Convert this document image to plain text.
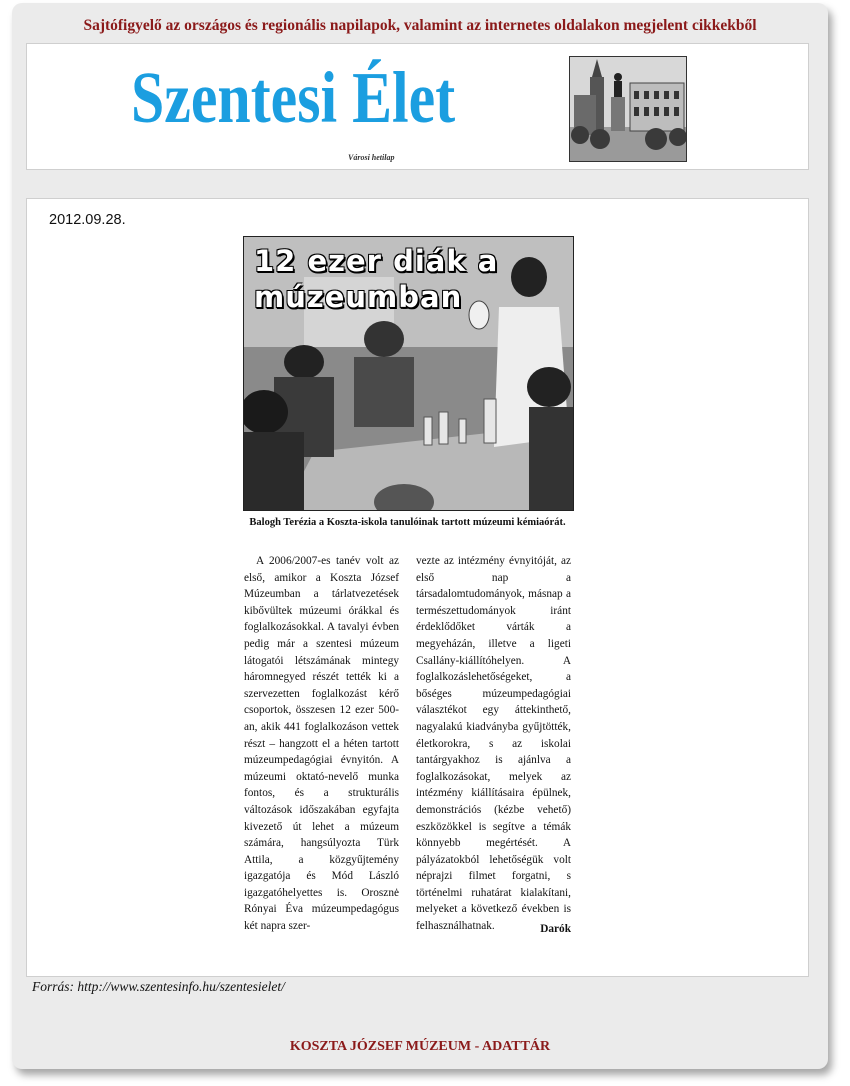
Sajtófigyelő az országos és regionális napilapok, valamint az internetes oldalakon megjelent cikkekből
Szentesi Élet
Városi hetilap
2012.09.28.
12 ezer diák a
múzeumban
Balogh Terézia a Koszta-iskola tanulóinak tartott múzeumi kémiaórát.
A 2006/2007-es tanév volt az első, amikor a Koszta József Múzeumban a tárlatvezetések kibővültek múzeumi órákkal és foglalkozásokkal. A tavalyi évben pedig már a szentesi múzeum látogatói létszámának mintegy háromnegyed részét tették ki a szervezetten foglalkozást kérő csoportok, összesen 12 ezer 500-an, akik 441 foglalkozáson vettek részt – hangzott el a héten tartott múzeumpedagógiai évnyitón. A múzeumi oktató-nevelő munka fontos, és a strukturális változások időszakában egyfajta kivezető út lehet a múzeum számára, hangsúlyozta Türk Attila, a közgyűjtemény igazgatója és Mód László igazgatóhelyettes is. Orosznė Rónyai Éva múzeumpedagógus két napra szer-
vezte az intézmény évnyitóját, az első nap a társadalomtudományok, másnap a természettudományok iránt érdeklődőket várták a megyeházán, illetve a ligeti Csallány-kiállítóhelyen. A foglalkozáslehetőségeket, a bőséges múzeumpedagógiai választékot egy áttekinthető, nagyalakú kiadványba gyűjtötték, életkorokra, s az iskolai tantárgyakhoz is ajánlva a foglalkozásokat, melyek az intézmény kiállításaira épülnek, demonstrációs (kézbe vehető) eszközökkel is segítve a témák könnyebb megértését. A pályázatokból lehetőségük volt néprajzi filmet forgatni, s történelmi ruhatárat kialakítani, melyeket a következő években is felhasználhatnak.	Darók
Forrás: http://www.szentesinfo.hu/szentesielet/
KOSZTA JÓZSEF MÚZEUM - ADATTÁR
